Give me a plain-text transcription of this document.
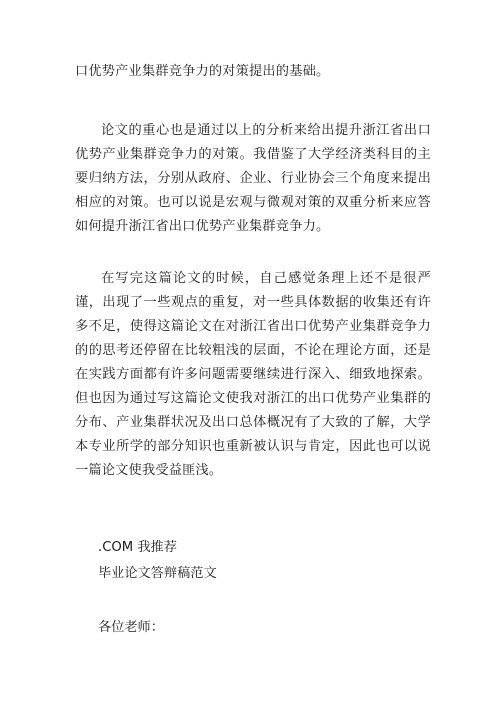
口优势产业集群竞争力的对策提出的基础。

论文的重心也是通过以上的分析来给出提升浙江省出口优势产业集群竞争力的对策。我借鉴了大学经济类科目的主要归纳方法，分别从政府、企业、行业协会三个角度来提出相应的对策。也可以说是宏观与微观对策的双重分析来应答如何提升浙江省出口优势产业集群竞争力。

在写完这篇论文的时候，自己感觉条理上还不是很严谨，出现了一些观点的重复，对一些具体数据的收集还有许多不足，使得这篇论文在对浙江省出口优势产业集群竞争力的的思考还停留在比较粗浅的层面，不论在理论方面，还是在实践方面都有许多问题需要继续进行深入、细致地探索。但也因为通过写这篇论文使我对浙江的出口优势产业集群的分布、产业集群状况及出口总体概况有了大致的了解，大学本专业所学的部分知识也重新被认识与肯定，因此也可以说一篇论文使我受益匪浅。

.COM 我推荐

毕业论文答辩稿范文

各位老师：
